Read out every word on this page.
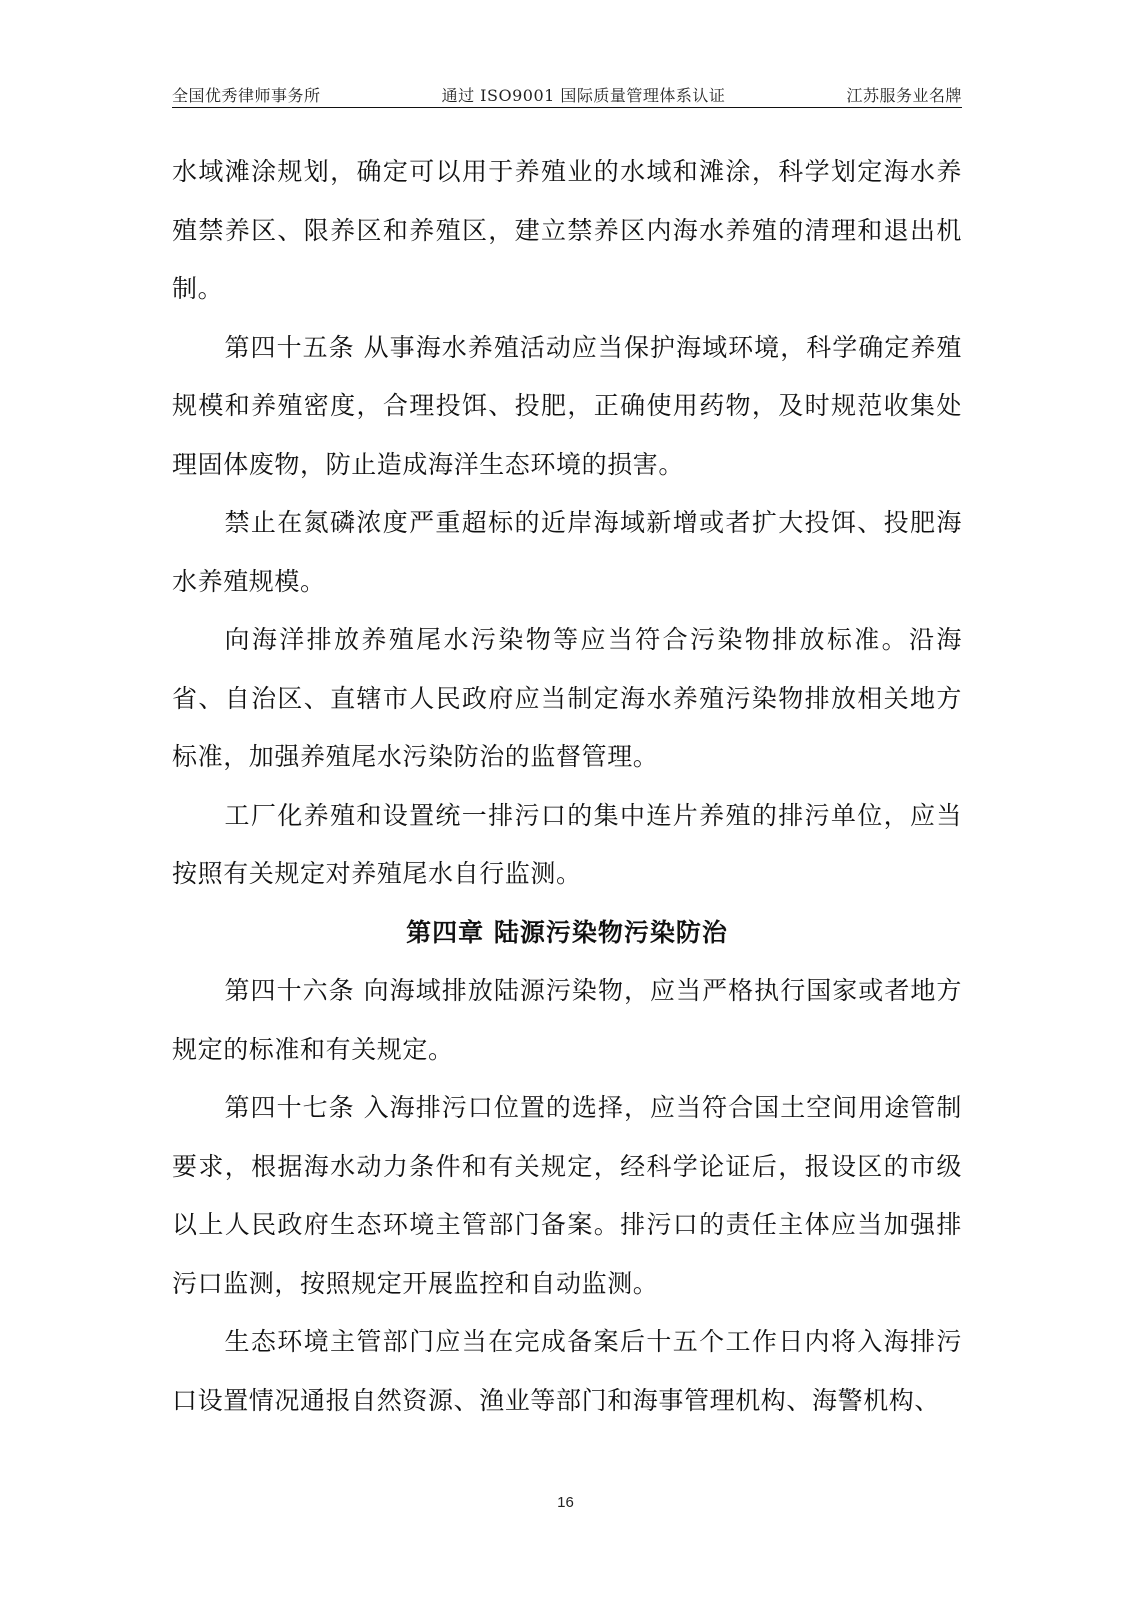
全国优秀律师事务所	通过 ISO9001 国际质量管理体系认证	江苏服务业名牌

水域滩涂规划，确定可以用于养殖业的水域和滩涂，科学划定海水养殖禁养区、限养区和养殖区，建立禁养区内海水养殖的清理和退出机制。

第四十五条 从事海水养殖活动应当保护海域环境，科学确定养殖规模和养殖密度，合理投饵、投肥，正确使用药物，及时规范收集处理固体废物，防止造成海洋生态环境的损害。

禁止在氮磷浓度严重超标的近岸海域新增或者扩大投饵、投肥海水养殖规模。

向海洋排放养殖尾水污染物等应当符合污染物排放标准。沿海省、自治区、直辖市人民政府应当制定海水养殖污染物排放相关地方标准，加强养殖尾水污染防治的监督管理。

工厂化养殖和设置统一排污口的集中连片养殖的排污单位，应当按照有关规定对养殖尾水自行监测。

第四章 陆源污染物污染防治

第四十六条 向海域排放陆源污染物，应当严格执行国家或者地方规定的标准和有关规定。

第四十七条 入海排污口位置的选择，应当符合国土空间用途管制要求，根据海水动力条件和有关规定，经科学论证后，报设区的市级以上人民政府生态环境主管部门备案。排污口的责任主体应当加强排污口监测，按照规定开展监控和自动监测。

生态环境主管部门应当在完成备案后十五个工作日内将入海排污口设置情况通报自然资源、渔业等部门和海事管理机构、海警机构、

16
